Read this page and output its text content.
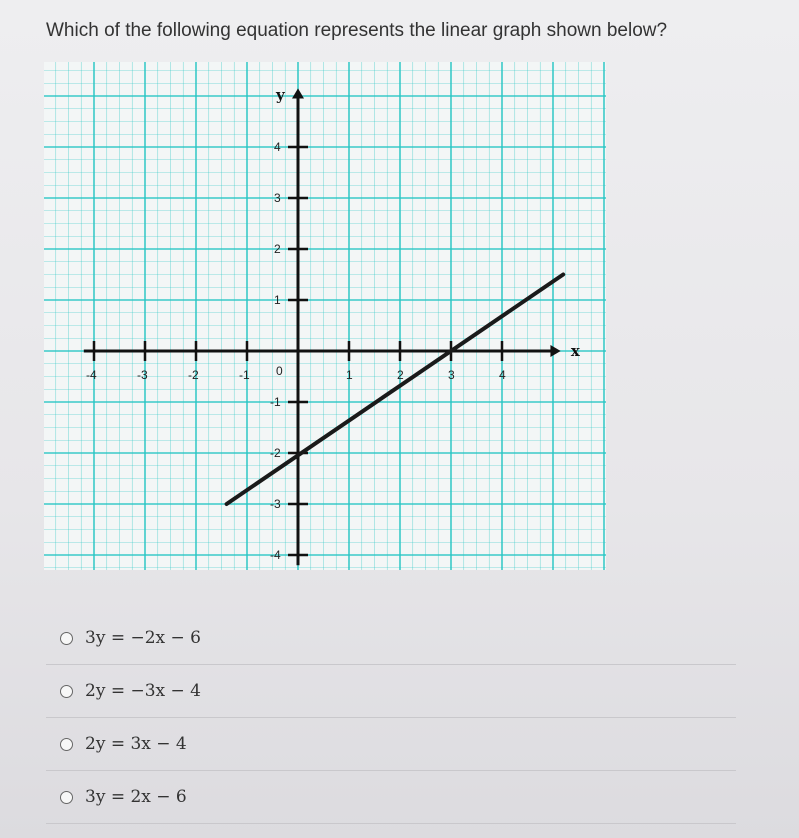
Which of the following equation represents the linear graph shown below?
x
y
-4	-3	-2	-1	1	2	3	4
4
3
2
1
-1
-2
-3
-4
0
3y = −2x − 6
2y = −3x − 4
2y = 3x − 4
3y = 2x − 6
